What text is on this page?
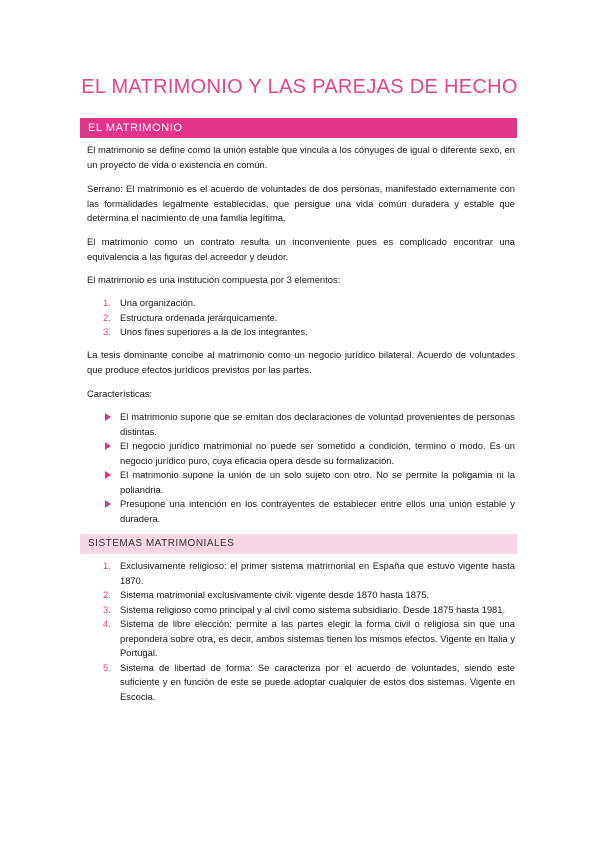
EL MATRIMONIO Y LAS PAREJAS DE HECHO
EL MATRIMONIO

El matrimonio se define como la unión estable que vincula a los cónyuges de igual o diferente sexo, en un proyecto de vida o existencia en común.

Serrano: El matrimonio es el acuerdo de voluntades de dos personas, manifestado externamente con las formalidades legalmente establecidas, que persigue una vida común duradera y estable que determina el nacimiento de una familia legítima.

El matrimonio como un contrato resulta un inconveniente pues es complicado encontrar una equivalencia a las figuras del acreedor y deudor.

El matrimonio es una institución compuesta por 3 elementos:

1. Una organización.
2. Estructura ordenada jerárquicamente.
3. Unos fines superiores a la de los integrantes.

La tesis dominante concibe al matrimonio como un negocio jurídico bilateral. Acuerdo de voluntades que produce efectos jurídicos previstos por las partes.

Características:

El matrimonio supone que se emitan dos declaraciones de voluntad provenientes de personas distintas.
El negocio jurídico matrimonial no puede ser sometido a condición, termino o modo. Es un negocio jurídico puro, cuya eficacia opera desde su formalización.
El matrimonio supone la unión de un solo sujeto con otro. No se permite la poligamia ni la poliandria.
Presupone una intención en los contrayentes de establecer entre ellos una unión estable y duradera.
SISTEMAS MATRIMONIALES
1. Exclusivamente religioso: el primer sistema matrimonial en España que estuvo vigente hasta 1870.
2. Sistema matrimonial exclusivamente civil: vigente desde 1870 hasta 1875.
3. Sistema religioso como principal y al civil como sistema subsidiario. Desde 1875 hasta 1981.
4. Sistema de libre elección: permite a las partes elegir la forma civil o religiosa sin que una prepondera sobre otra, es decir, ambos sistemas tienen los mismos efectos. Vigente en Italia y Portugal.
5. Sistema de libertad de forma: Se caracteriza por el acuerdo de voluntades, siendo este suficiente y en función de este se puede adoptar cualquier de estos dos sistemas. Vigente en Escocia.
